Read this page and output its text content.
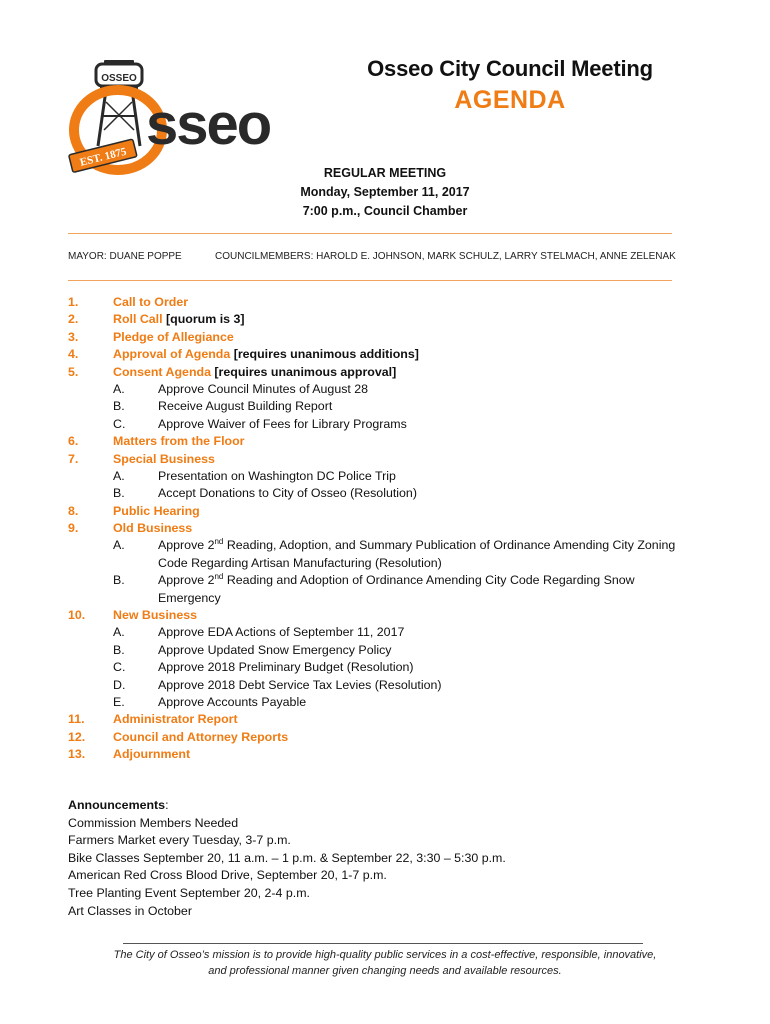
OSSEO
sseo
EST. 1875
Osseo City Council Meeting
AGENDA
REGULAR MEETING
Monday, September 11, 2017
7:00 p.m., Council Chamber
MAYOR: DUANE POPPE	COUNCILMEMBERS: HAROLD E. JOHNSON, MARK SCHULZ, LARRY STELMACH, ANNE ZELENAK
1.	Call to Order
2.	Roll Call [quorum is 3]
3.	Pledge of Allegiance
4.	Approval of Agenda [requires unanimous additions]
5.	Consent Agenda [requires unanimous approval]
A.	Approve Council Minutes of August 28
B.	Receive August Building Report
C.	Approve Waiver of Fees for Library Programs
6.	Matters from the Floor
7.	Special Business
A.	Presentation on Washington DC Police Trip
B.	Accept Donations to City of Osseo (Resolution)
8.	Public Hearing
9.	Old Business
A.	Approve 2nd Reading, Adoption, and Summary Publication of Ordinance Amending City Zoning
Code Regarding Artisan Manufacturing (Resolution)
B.	Approve 2nd Reading and Adoption of Ordinance Amending City Code Regarding Snow
Emergency
10. New Business
A.	Approve EDA Actions of September 11, 2017
B.	Approve Updated Snow Emergency Policy
C.	Approve 2018 Preliminary Budget (Resolution)
D.	Approve 2018 Debt Service Tax Levies (Resolution)
E.	Approve Accounts Payable
11. Administrator Report
12. Council and Attorney Reports
13. Adjournment
Announcements:
Commission Members Needed
Farmers Market every Tuesday, 3-7 p.m.
Bike Classes September 20, 11 a.m. – 1 p.m. & September 22, 3:30 – 5:30 p.m.
American Red Cross Blood Drive, September 20, 1-7 p.m.
Tree Planting Event September 20, 2-4 p.m.
Art Classes in October
The City of Osseo’s mission is to provide high-quality public services in a cost-effective, responsible, innovative,
and professional manner given changing needs and available resources.
